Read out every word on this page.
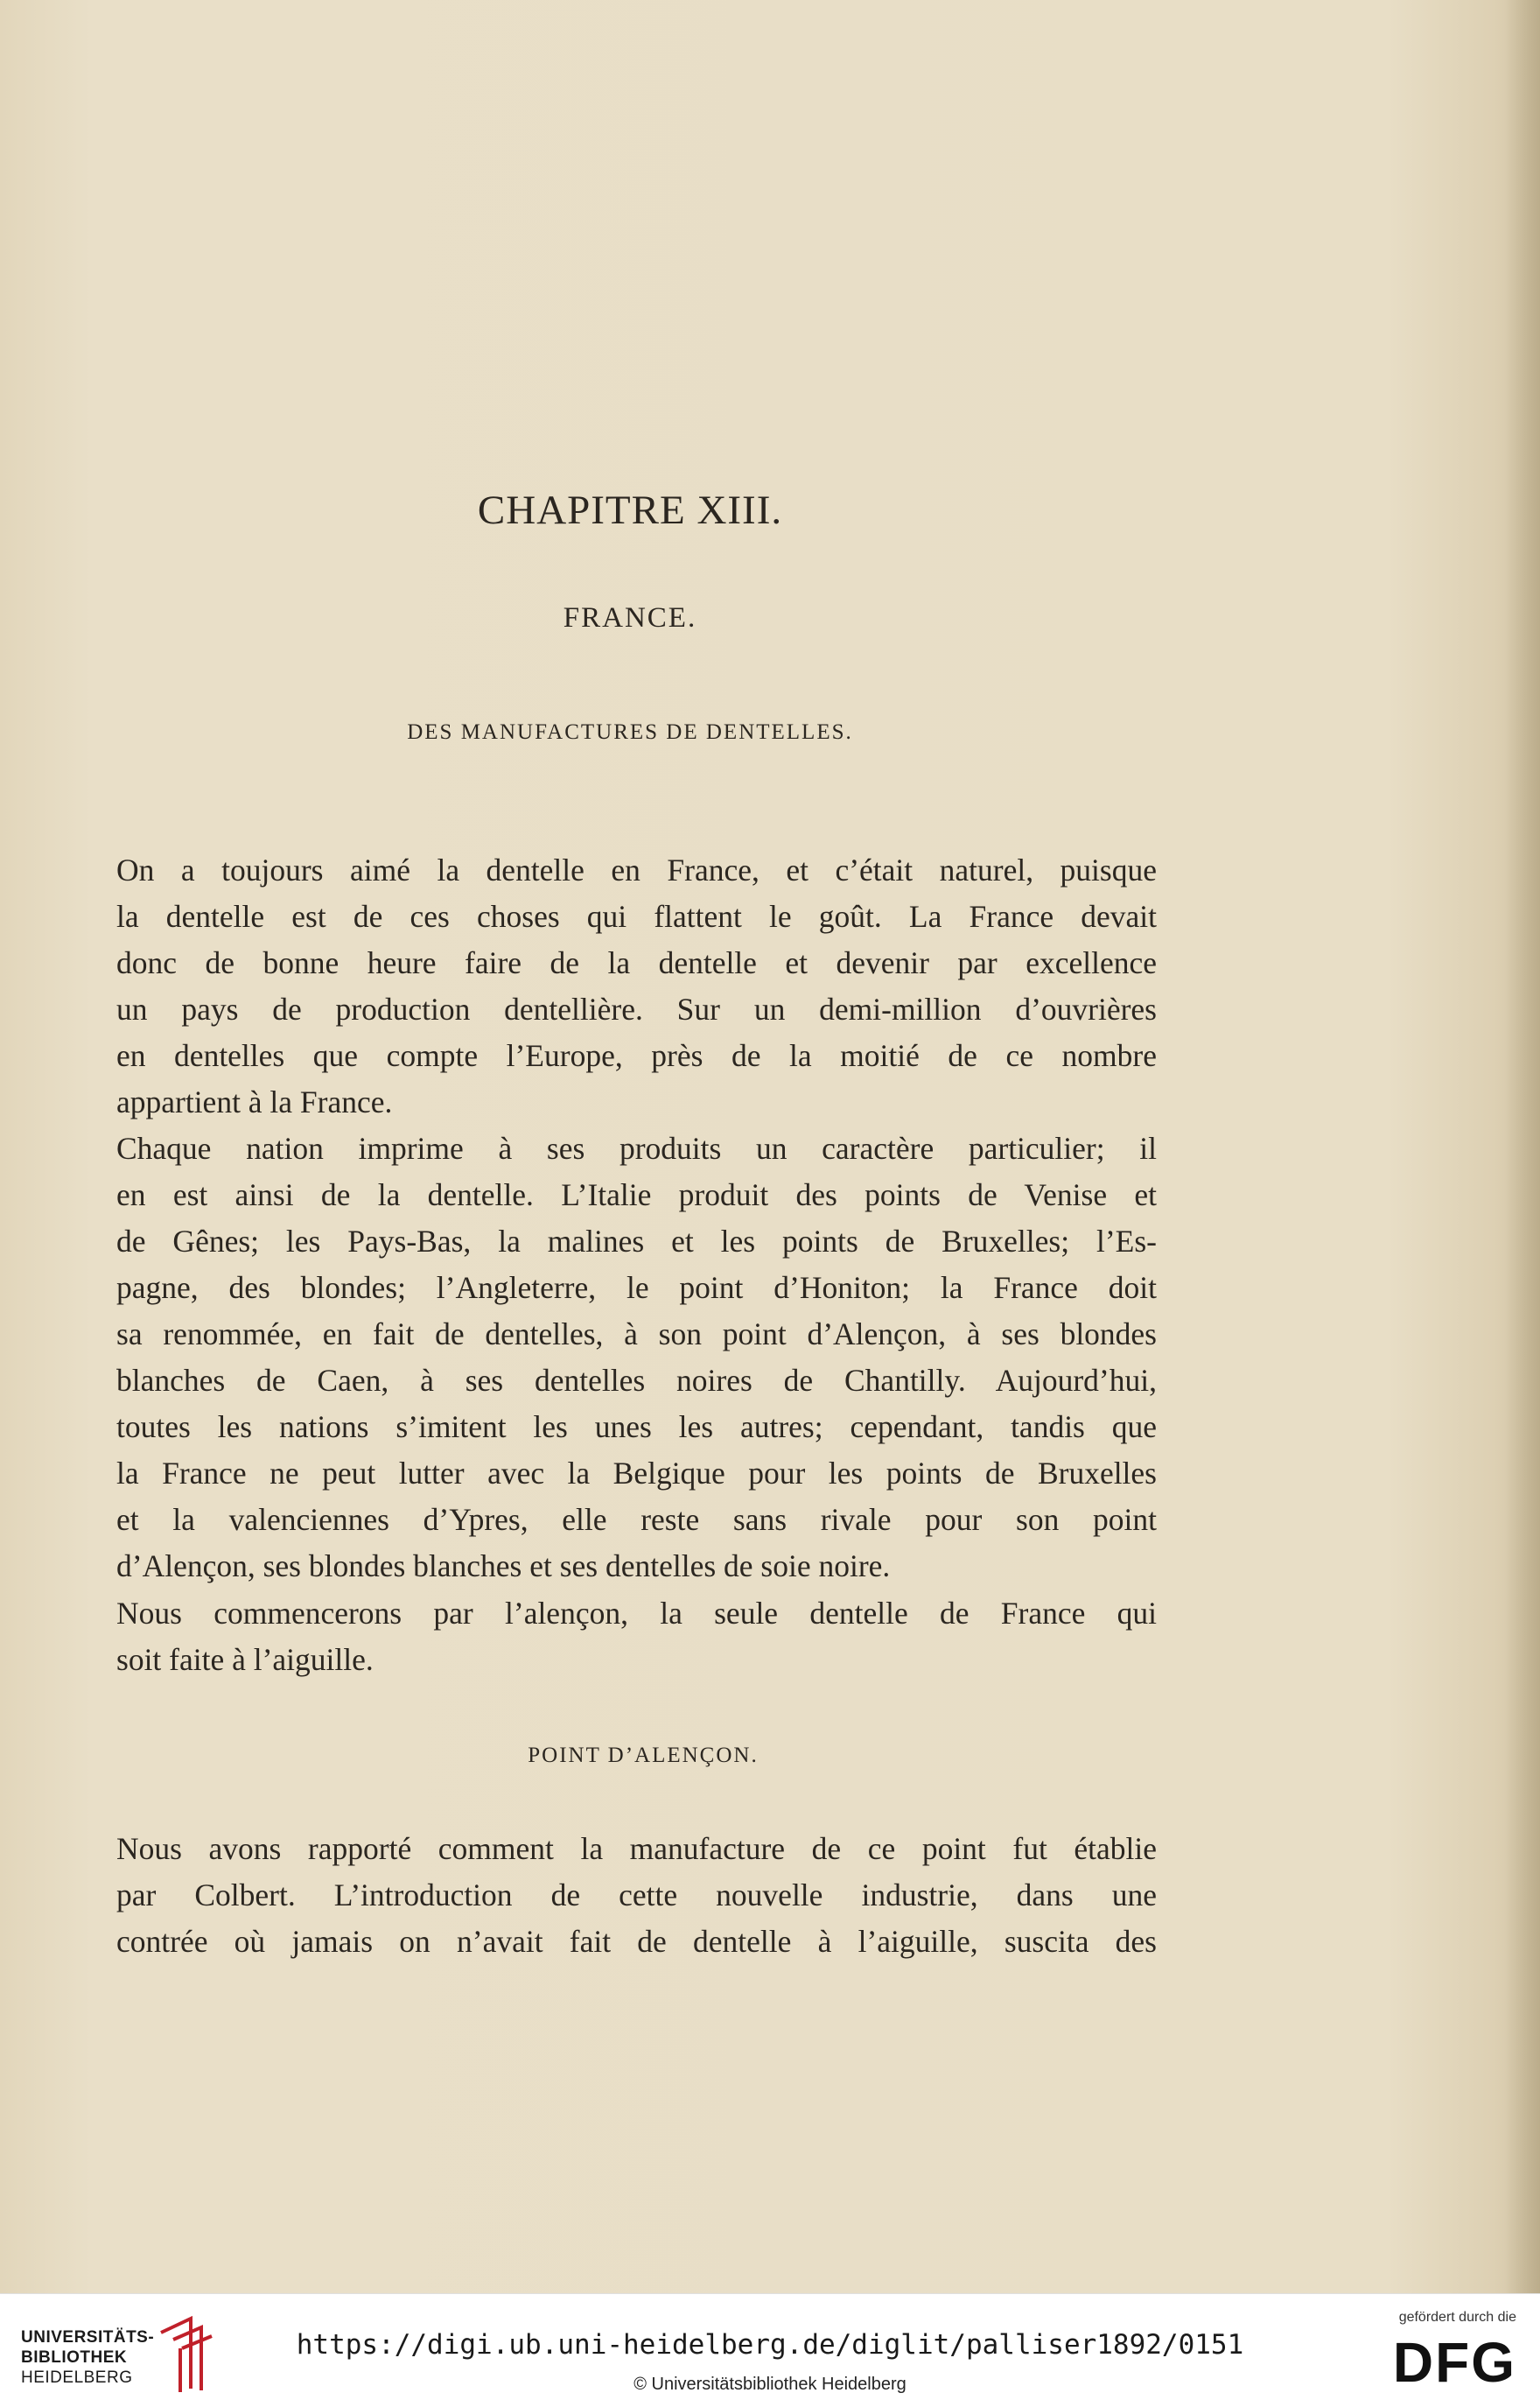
CHAPITRE XIII.
FRANCE.
DES MANUFACTURES DE DENTELLES.
On a toujours aimé la dentelle en France, et c’était naturel, puisque
la dentelle est de ces choses qui flattent le goût. La France devait
donc de bonne heure faire de la dentelle et devenir par excellence
un pays de production dentellière. Sur un demi-million d’ouvrières
en dentelles que compte l’Europe, près de la moitié de ce nombre
appartient à la France.
Chaque nation imprime à ses produits un caractère particulier; il
en est ainsi de la dentelle. L’Italie produit des points de Venise et
de Gênes; les Pays-Bas, la malines et les points de Bruxelles; l’Es-
pagne, des blondes; l’Angleterre, le point d’Honiton; la France doit
sa renommée, en fait de dentelles, à son point d’Alençon, à ses blondes
blanches de Caen, à ses dentelles noires de Chantilly. Aujourd’hui,
toutes les nations s’imitent les unes les autres; cependant, tandis que
la France ne peut lutter avec la Belgique pour les points de Bruxelles
et la valenciennes d’Ypres, elle reste sans rivale pour son point
d’Alençon, ses blondes blanches et ses dentelles de soie noire.
Nous commencerons par l’alençon, la seule dentelle de France qui
soit faite à l’aiguille.
POINT D’ALENÇON.
Nous avons rapporté comment la manufacture de ce point fut établie
par Colbert. L’introduction de cette nouvelle industrie, dans une
contrée où jamais on n’avait fait de dentelle à l’aiguille, suscita des
UNIVERSITÄTS-
BIBLIOTHEK
HEIDELBERG
https://digi.ub.uni-heidelberg.de/diglit/palliser1892/0151
© Universitätsbibliothek Heidelberg
gefördert durch die
DFG
